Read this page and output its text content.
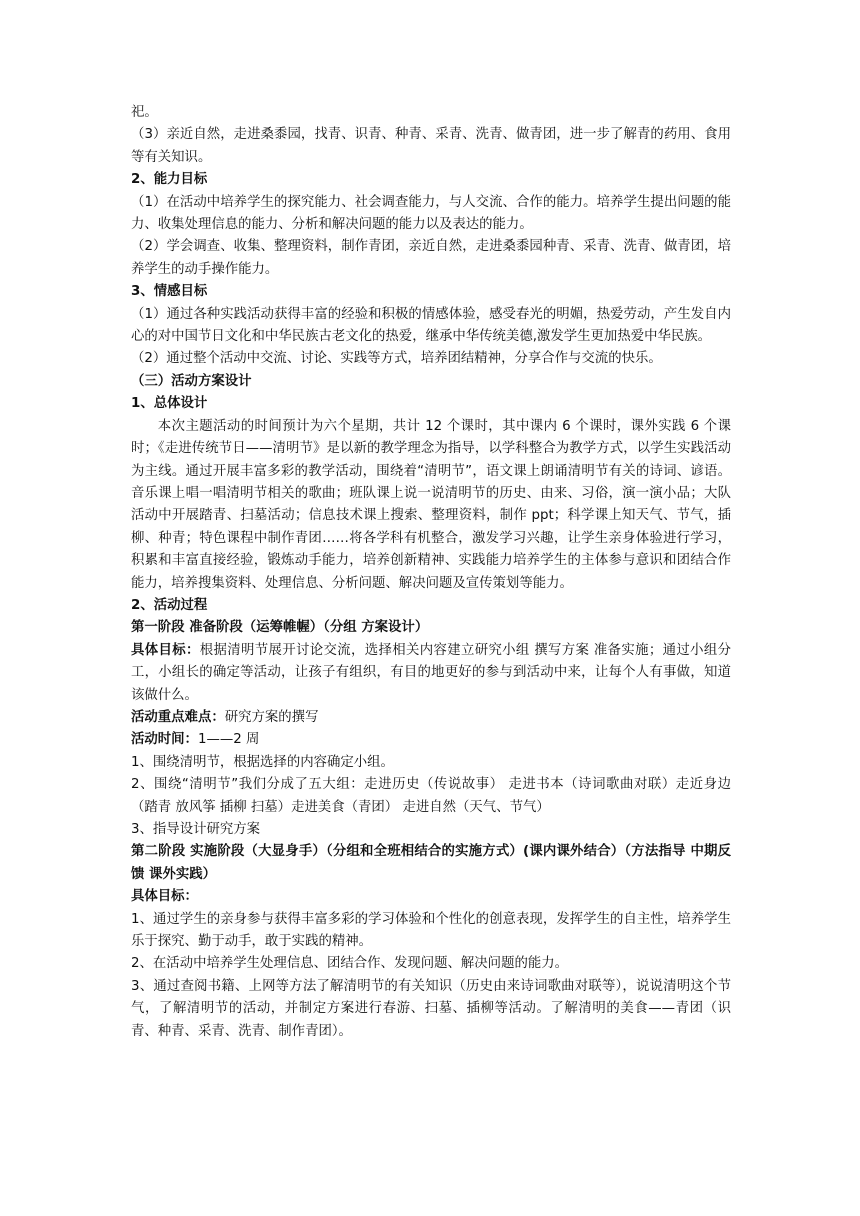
祀。

（3）亲近自然，走进桑黍园，找青、识青、种青、采青、洗青、做青团，进一步了解青的药用、食用等有关知识。

2、能力目标

（1）在活动中培养学生的探究能力、社会调查能力，与人交流、合作的能力。培养学生提出问题的能力、收集处理信息的能力、分析和解决问题的能力以及表达的能力。

（2）学会调查、收集、整理资料，制作青团，亲近自然，走进桑黍园种青、采青、洗青、做青团，培养学生的动手操作能力。

3、情感目标

（1）通过各种实践活动获得丰富的经验和积极的情感体验，感受春光的明媚，热爱劳动，产生发自内心的对中国节日文化和中华民族古老文化的热爱，继承中华传统美德,激发学生更加热爱中华民族。

（2）通过整个活动中交流、讨论、实践等方式，培养团结精神，分享合作与交流的快乐。

（三）活动方案设计

1、总体设计

本次主题活动的时间预计为六个星期，共计 12 个课时，其中课内 6 个课时，课外实践 6 个课时；《走进传统节日——清明节》是以新的教学理念为指导，以学科整合为教学方式，以学生实践活动为主线。通过开展丰富多彩的教学活动，围绕着“清明节”，语文课上朗诵清明节有关的诗词、谚语。音乐课上唱一唱清明节相关的歌曲；班队课上说一说清明节的历史、由来、习俗，演一演小品；大队活动中开展踏青、扫墓活动；信息技术课上搜索、整理资料，制作 ppt；科学课上知天气、节气，插柳、种青；特色课程中制作青团……将各学科有机整合，激发学习兴趣，让学生亲身体验进行学习，积累和丰富直接经验，锻炼动手能力，培养创新精神、实践能力培养学生的主体参与意识和团结合作能力，培养搜集资料、处理信息、分析问题、解决问题及宣传策划等能力。

2、活动过程

第一阶段 准备阶段（运筹帷幄）（分组 方案设计）

具体目标：根据清明节展开讨论交流，选择相关内容建立研究小组 撰写方案 准备实施；通过小组分工，小组长的确定等活动，让孩子有组织，有目的地更好的参与到活动中来，让每个人有事做，知道该做什么。

活动重点难点：研究方案的撰写

活动时间：1——2 周

1、围绕清明节，根据选择的内容确定小组。

2、围绕“清明节”我们分成了五大组：走进历史（传说故事） 走进书本（诗词歌曲对联）走近身边（踏青 放风筝 插柳 扫墓）走进美食（青团） 走进自然（天气、节气）

3、指导设计研究方案

第二阶段 实施阶段（大显身手）（分组和全班相结合的实施方式）(课内课外结合）（方法指导 中期反馈 课外实践）

具体目标：

1、通过学生的亲身参与获得丰富多彩的学习体验和个性化的创意表现，发挥学生的自主性，培养学生乐于探究、勤于动手，敢于实践的精神。

2、在活动中培养学生处理信息、团结合作、发现问题、解决问题的能力。

3、通过查阅书籍、上网等方法了解清明节的有关知识（历史由来诗词歌曲对联等），说说清明这个节气，了解清明节的活动，并制定方案进行春游、扫墓、插柳等活动。了解清明的美食——青团（识青、种青、采青、洗青、制作青团）。
